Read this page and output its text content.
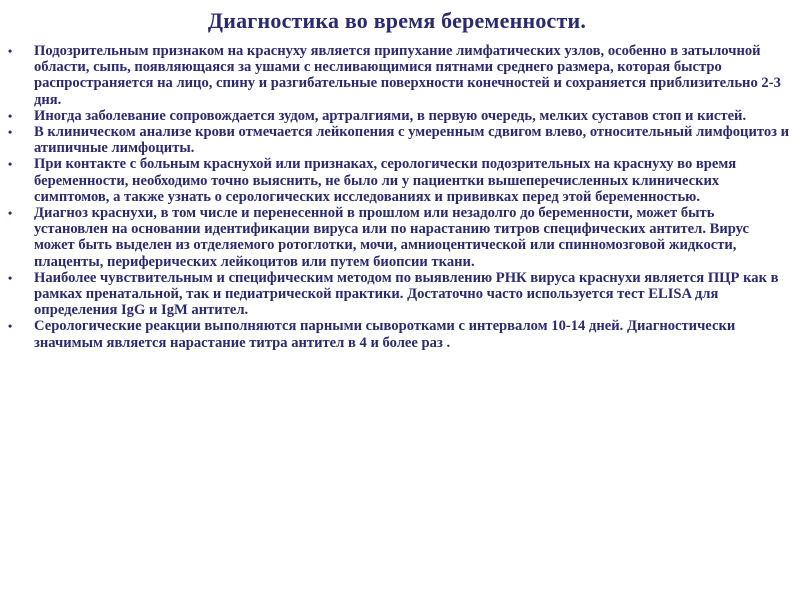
Диагностика во время беременности.
•	Подозрительным признаком на краснуху является припухание лимфатических узлов, особенно в затылочной области, сыпь, появляющаяся за ушами с несливающимися пятнами среднего размера, которая быстро распространяется на лицо, спину и разгибательные поверхности конечностей и сохраняется приблизительно 2-3 дня.
•	Иногда заболевание сопровождается зудом, артралгиями, в первую очередь, мелких суставов стоп и кистей.
•	В клиническом анализе крови отмечается лейкопения с умеренным сдвигом влево, относительный лимфоцитоз и атипичные лимфоциты.
•	При контакте с больным краснухой или признаках, серологически подозрительных на краснуху во время беременности, необходимо точно выяснить, не было ли у пациентки вышеперечисленных клинических симптомов, а также узнать о серологических исследованиях и прививках перед этой беременностью.
•	Диагноз краснухи, в том числе и перенесенной в прошлом или незадолго до беременности, может быть установлен на основании идентификации вируса или по нарастанию титров специфических антител. Вирус может быть выделен из отделяемого ротоглотки, мочи, амниоцентической или спинномозговой жидкости, плаценты, периферических лейкоцитов или путем биопсии ткани.
•	Наиболее чувствительным и специфическим методом по выявлению РНК вируса краснухи является ПЦР как в рамках пренатальной, так и педиатрической практики. Достаточно часто используется тест ELISA для определения IgG и IgM антител.
•	Серологические реакции выполняются парными сыворотками с интервалом 10-14 дней. Диагностически значимым является нарастание титра антител в 4 и более раз .
